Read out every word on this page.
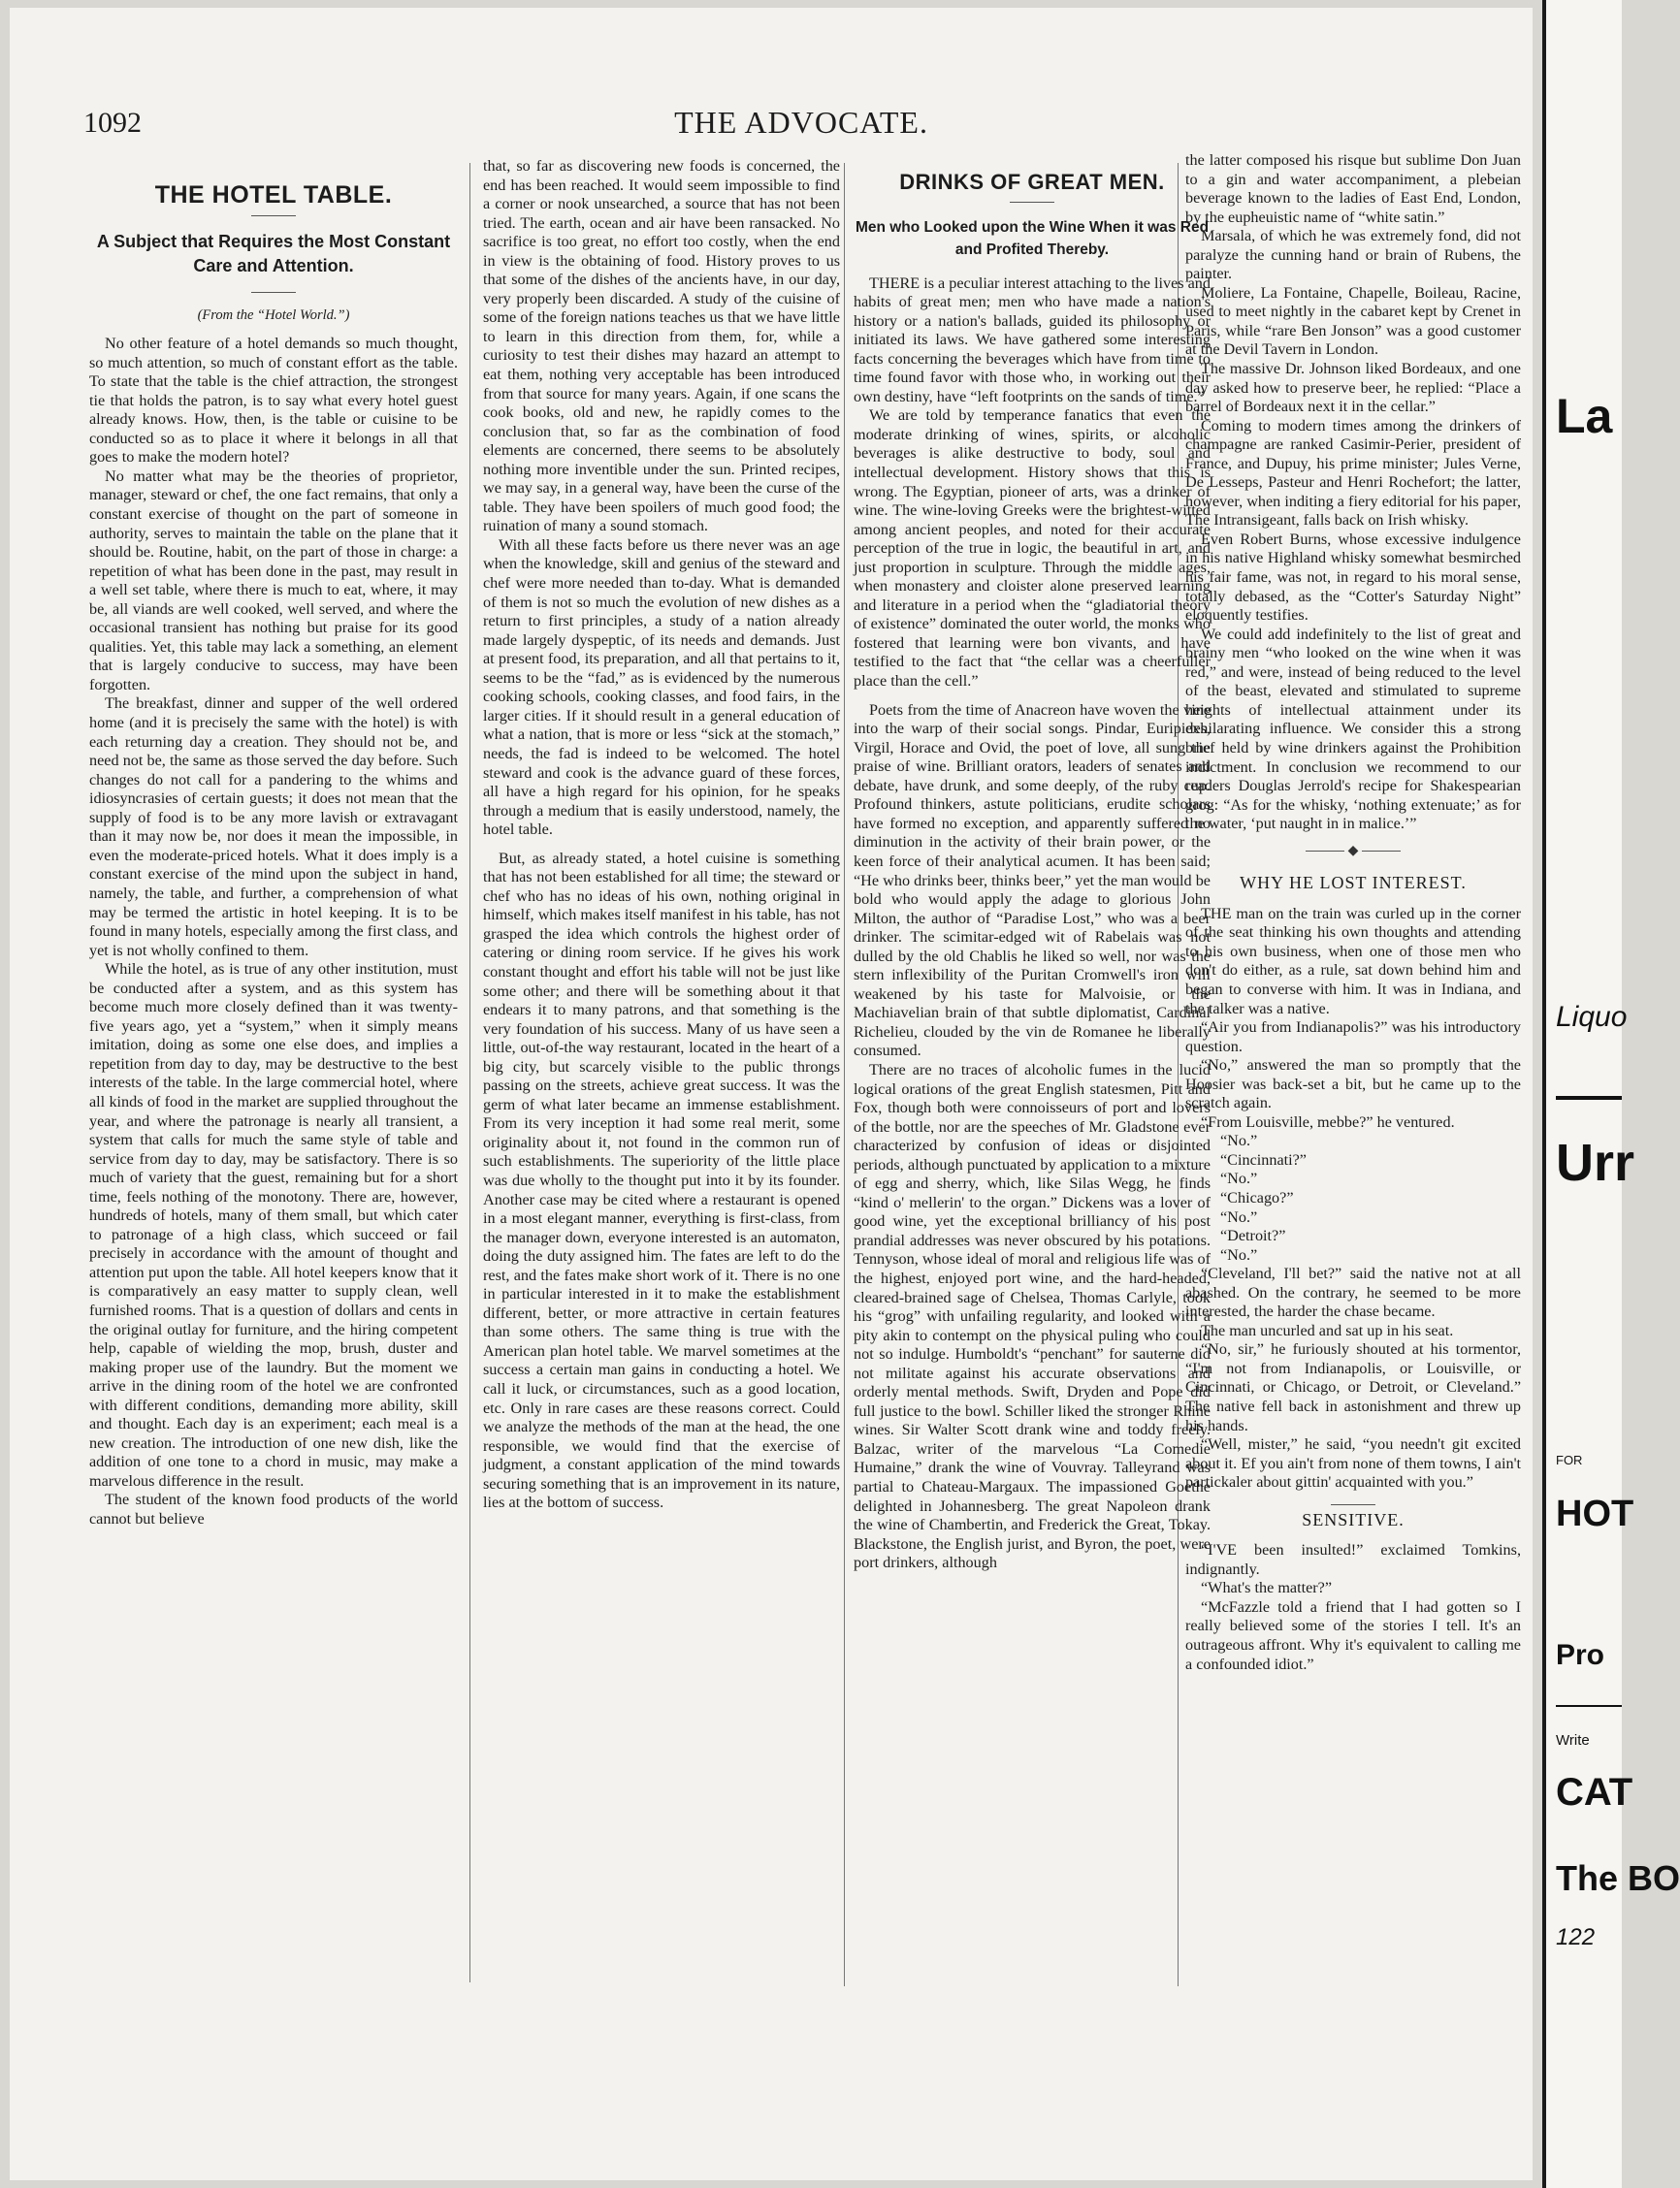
1092	THE ADVOCATE.
THE HOTEL TABLE.
A Subject that Requires the Most Constant Care and Attention.
(From the “Hotel World.”)

No other feature of a hotel demands so much thought, so much attention, so much of constant effort as the table. To state that the table is the chief attraction, the strongest tie that holds the patron, is to say what every hotel guest already knows. How, then, is the table or cuisine to be conducted so as to place it where it belongs in all that goes to make the modern hotel?

No matter what may be the theories of proprietor, manager, steward or chef, the one fact remains, that only a constant exercise of thought on the part of someone in authority, serves to maintain the table on the plane that it should be. Routine, habit, on the part of those in charge: a repetition of what has been done in the past, may result in a well set table, where there is much to eat, where, it may be, all viands are well cooked, well served, and where the occasional transient has nothing but praise for its good qualities. Yet, this table may lack a something, an element that is largely conducive to success, may have been forgotten.

The breakfast, dinner and supper of the well ordered home (and it is precisely the same with the hotel) is with each returning day a creation. They should not be, and need not be, the same as those served the day before. Such changes do not call for a pandering to the whims and idiosyncrasies of certain guests; it does not mean that the supply of food is to be any more lavish or extravagant than it may now be, nor does it mean the impossible, in even the moderate-priced hotels. What it does imply is a constant exercise of the mind upon the subject in hand, namely, the table, and further, a comprehension of what may be termed the artistic in hotel keeping. It is to be found in many hotels, especially among the first class, and yet is not wholly confined to them.

While the hotel, as is true of any other institution, must be conducted after a system, and as this system has become much more closely defined than it was twenty-five years ago, yet a “system,” when it simply means imitation, doing as some one else does, and implies a repetition from day to day, may be destructive to the best interests of the table. In the large commercial hotel, where all kinds of food in the market are supplied throughout the year, and where the patronage is nearly all transient, a system that calls for much the same style of table and service from day to day, may be satisfactory. There is so much of variety that the guest, remaining but for a short time, feels nothing of the monotony. There are, however, hundreds of hotels, many of them small, but which cater to patronage of a high class, which succeed or fail precisely in accordance with the amount of thought and attention put upon the table. All hotel keepers know that it is comparatively an easy matter to supply clean, well furnished rooms. That is a question of dollars and cents in the original outlay for furniture, and the hiring competent help, capable of wielding the mop, brush, duster and making proper use of the laundry. But the moment we arrive in the dining room of the hotel we are confronted with different conditions, demanding more ability, skill and thought. Each day is an experiment; each meal is a new creation. The introduction of one new dish, like the addition of one tone to a chord in music, may make a marvelous difference in the result.

The student of the known food products of the world cannot but believe

that, so far as discovering new foods is concerned, the end has been reached. It would seem impossible to find a corner or nook unsearched, a source that has not been tried. The earth, ocean and air have been ransacked. No sacrifice is too great, no effort too costly, when the end in view is the obtaining of food. History proves to us that some of the dishes of the ancients have, in our day, very properly been discarded. A study of the cuisine of some of the foreign nations teaches us that we have little to learn in this direction from them, for, while a curiosity to test their dishes may hazard an attempt to eat them, nothing very acceptable has been introduced from that source for many years. Again, if one scans the cook books, old and new, he rapidly comes to the conclusion that, so far as the combination of food elements are concerned, there seems to be absolutely nothing more inventible under the sun. Printed recipes, we may say, in a general way, have been the curse of the table. They have been spoilers of much good food; the ruination of many a sound stomach.

With all these facts before us there never was an age when the knowledge, skill and genius of the steward and chef were more needed than to-day. What is demanded of them is not so much the evolution of new dishes as a return to first principles, a study of a nation already made largely dyspeptic, of its needs and demands. Just at present food, its preparation, and all that pertains to it, seems to be the “fad,” as is evidenced by the numerous cooking schools, cooking classes, and food fairs, in the larger cities. If it should result in a general education of what a nation, that is more or less “sick at the stomach,” needs, the fad is indeed to be welcomed. The hotel steward and cook is the advance guard of these forces, all have a high regard for his opinion, for he speaks through a medium that is easily understood, namely, the hotel table.

But, as already stated, a hotel cuisine is something that has not been established for all time; the steward or chef who has no ideas of his own, nothing original in himself, which makes itself manifest in his table, has not grasped the idea which controls the highest order of catering or dining room service. If he gives his work constant thought and effort his table will not be just like some other; and there will be something about it that endears it to many patrons, and that something is the very foundation of his success. Many of us have seen a little, out-of-the way restaurant, located in the heart of a big city, but scarcely visible to the public throngs passing on the streets, achieve great success. It was the germ of what later became an immense establishment. From its very inception it had some real merit, some originality about it, not found in the common run of such establishments. The superiority of the little place was due wholly to the thought put into it by its founder. Another case may be cited where a restaurant is opened in a most elegant manner, everything is first-class, from the manager down, everyone interested is an automaton, doing the duty assigned him. The fates are left to do the rest, and the fates make short work of it. There is no one in particular interested in it to make the establishment different, better, or more attractive in certain features than some others. The same thing is true with the American plan hotel table. We marvel sometimes at the success a certain man gains in conducting a hotel. We call it luck, or circumstances, such as a good location, etc. Only in rare cases are these reasons correct. Could we analyze the methods of the man at the head, the one responsible, we would find that the exercise of judgment, a constant application of the mind towards securing something that is an improvement in its nature, lies at the bottom of success.

DRINKS OF GREAT MEN.
Men who Looked upon the Wine When it was Red and Profited Thereby.

THERE is a peculiar interest attaching to the lives and habits of great men; men who have made a nation's history or a nation's ballads, guided its philosophy or initiated its laws. We have gathered some interesting facts concerning the beverages which have from time to time found favor with those who, in working out their own destiny, have “left footprints on the sands of time.”

We are told by temperance fanatics that even the moderate drinking of wines, spirits, or alcoholic beverages is alike destructive to body, soul and intellectual development. History shows that this is wrong. The Egyptian, pioneer of arts, was a drinker of wine. The wine-loving Greeks were the brightest-witted among ancient peoples, and noted for their accurate perception of the true in logic, the beautiful in art, and just proportion in sculpture. Through the middle ages, when monastery and cloister alone preserved learning and literature in a period when the “gladiatorial theory of existence” dominated the outer world, the monks who fostered that learning were bon vivants, and have testified to the fact that “the cellar was a cheerfuller place than the cell.”

Poets from the time of Anacreon have woven the vine into the warp of their social songs. Pindar, Euripides, Virgil, Horace and Ovid, the poet of love, all sung the praise of wine. Brilliant orators, leaders of senates and debate, have drunk, and some deeply, of the ruby cup. Profound thinkers, astute politicians, erudite scholars have formed no exception, and apparently suffered no diminution in the activity of their brain power, or the keen force of their analytical acumen. It has been said; “He who drinks beer, thinks beer,” yet the man would be bold who would apply the adage to glorious John Milton, the author of “Paradise Lost,” who was a beer drinker. The scimitar-edged wit of Rabelais was not dulled by the old Chablis he liked so well, nor was the stern inflexibility of the Puritan Cromwell's iron will weakened by his taste for Malvoisie, or the Machiavelian brain of that subtle diplomatist, Cardinal Richelieu, clouded by the vin de Romanee he liberally consumed.

There are no traces of alcoholic fumes in the lucid logical orations of the great English statesmen, Pitt and Fox, though both were connoisseurs of port and lovers of the bottle, nor are the speeches of Mr. Gladstone ever characterized by confusion of ideas or disjointed periods, although punctuated by application to a mixture of egg and sherry, which, like Silas Wegg, he finds “kind o' mellerin' to the organ.” Dickens was a lover of good wine, yet the exceptional brilliancy of his post prandial addresses was never obscured by his potations. Tennyson, whose ideal of moral and religious life was of the highest, enjoyed port wine, and the hard-headed, cleared-brained sage of Chelsea, Thomas Carlyle, took his “grog” with unfailing regularity, and looked with a pity akin to contempt on the physical puling who could not so indulge. Humboldt's “penchant” for sauterne did not militate against his accurate observations and orderly mental methods. Swift, Dryden and Pope did full justice to the bowl. Schiller liked the stronger Rhine wines. Sir Walter Scott drank wine and toddy freely. Balzac, writer of the marvelous “La Comedie Humaine,” drank the wine of Vouvray. Talleyrand was partial to Chateau-Margaux. The impassioned Goethe delighted in Johannesberg. The great Napoleon drank the wine of Chambertin, and Frederick the Great, Tokay. Blackstone, the English jurist, and Byron, the poet, were port drinkers, although

the latter composed his risque but sublime Don Juan to a gin and water accompaniment, a plebeian beverage known to the ladies of East End, London, by the eupheuistic name of “white satin.”

Marsala, of which he was extremely fond, did not paralyze the cunning hand or brain of Rubens, the painter.

Moliere, La Fontaine, Chapelle, Boileau, Racine, used to meet nightly in the cabaret kept by Crenet in Paris, while “rare Ben Jonson” was a good customer at the Devil Tavern in London.

The massive Dr. Johnson liked Bordeaux, and one day asked how to preserve beer, he replied: “Place a barrel of Bordeaux next it in the cellar.”

Coming to modern times among the drinkers of champagne are ranked Casimir-Perier, president of France, and Dupuy, his prime minister; Jules Verne, De Lesseps, Pasteur and Henri Rochefort; the latter, however, when inditing a fiery editorial for his paper, The Intransigeant, falls back on Irish whisky.

Even Robert Burns, whose excessive indulgence in his native Highland whisky somewhat besmirched his fair fame, was not, in regard to his moral sense, totally debased, as the “Cotter's Saturday Night” eloquently testifies.

We could add indefinitely to the list of great and brainy men “who looked on the wine when it was red,” and were, instead of being reduced to the level of the beast, elevated and stimulated to supreme heights of intellectual attainment under its exhilarating influence. We consider this a strong brief held by wine drinkers against the Prohibition indictment. In conclusion we recommend to our readers Douglas Jerrold's recipe for Shakespearian grog: “As for the whisky, ‘nothing extenuate;’ as for the water, ‘put naught in in malice.’”

◆
WHY HE LOST INTEREST.

THE man on the train was curled up in the corner of the seat thinking his own thoughts and attending to his own business, when one of those men who don't do either, as a rule, sat down behind him and began to converse with him. It was in Indiana, and the talker was a native.

“Air you from Indianapolis?” was his introductory question.

“No,” answered the man so promptly that the Hoosier was back-set a bit, but he came up to the scratch again.

“From Louisville, mebbe?” he ventured.

“No.”

“Cincinnati?”

“No.”

“Chicago?”

“No.”

“Detroit?”

“No.”

“Cleveland, I'll bet?” said the native not at all abashed. On the contrary, he seemed to be more interested, the harder the chase became.

The man uncurled and sat up in his seat.

“No, sir,” he furiously shouted at his tormentor, “I'm not from Indianapolis, or Louisville, or Cincinnati, or Chicago, or Detroit, or Cleveland.” The native fell back in astonishment and threw up his hands.

“Well, mister,” he said, “you needn't git excited about it. Ef you ain't from none of them towns, I ain't partickaler about gittin' acquainted with you.”

SENSITIVE.

“I'VE been insulted!” exclaimed Tomkins, indignantly.

“What's the matter?”

“McFazzle told a friend that I had gotten so I really believed some of the stories I tell. It's an outrageous affront. Why it's equivalent to calling me a confounded idiot.”

La
Liquo
Urr
FOR
HOT
Pro
Write
CAT
The BO
122
